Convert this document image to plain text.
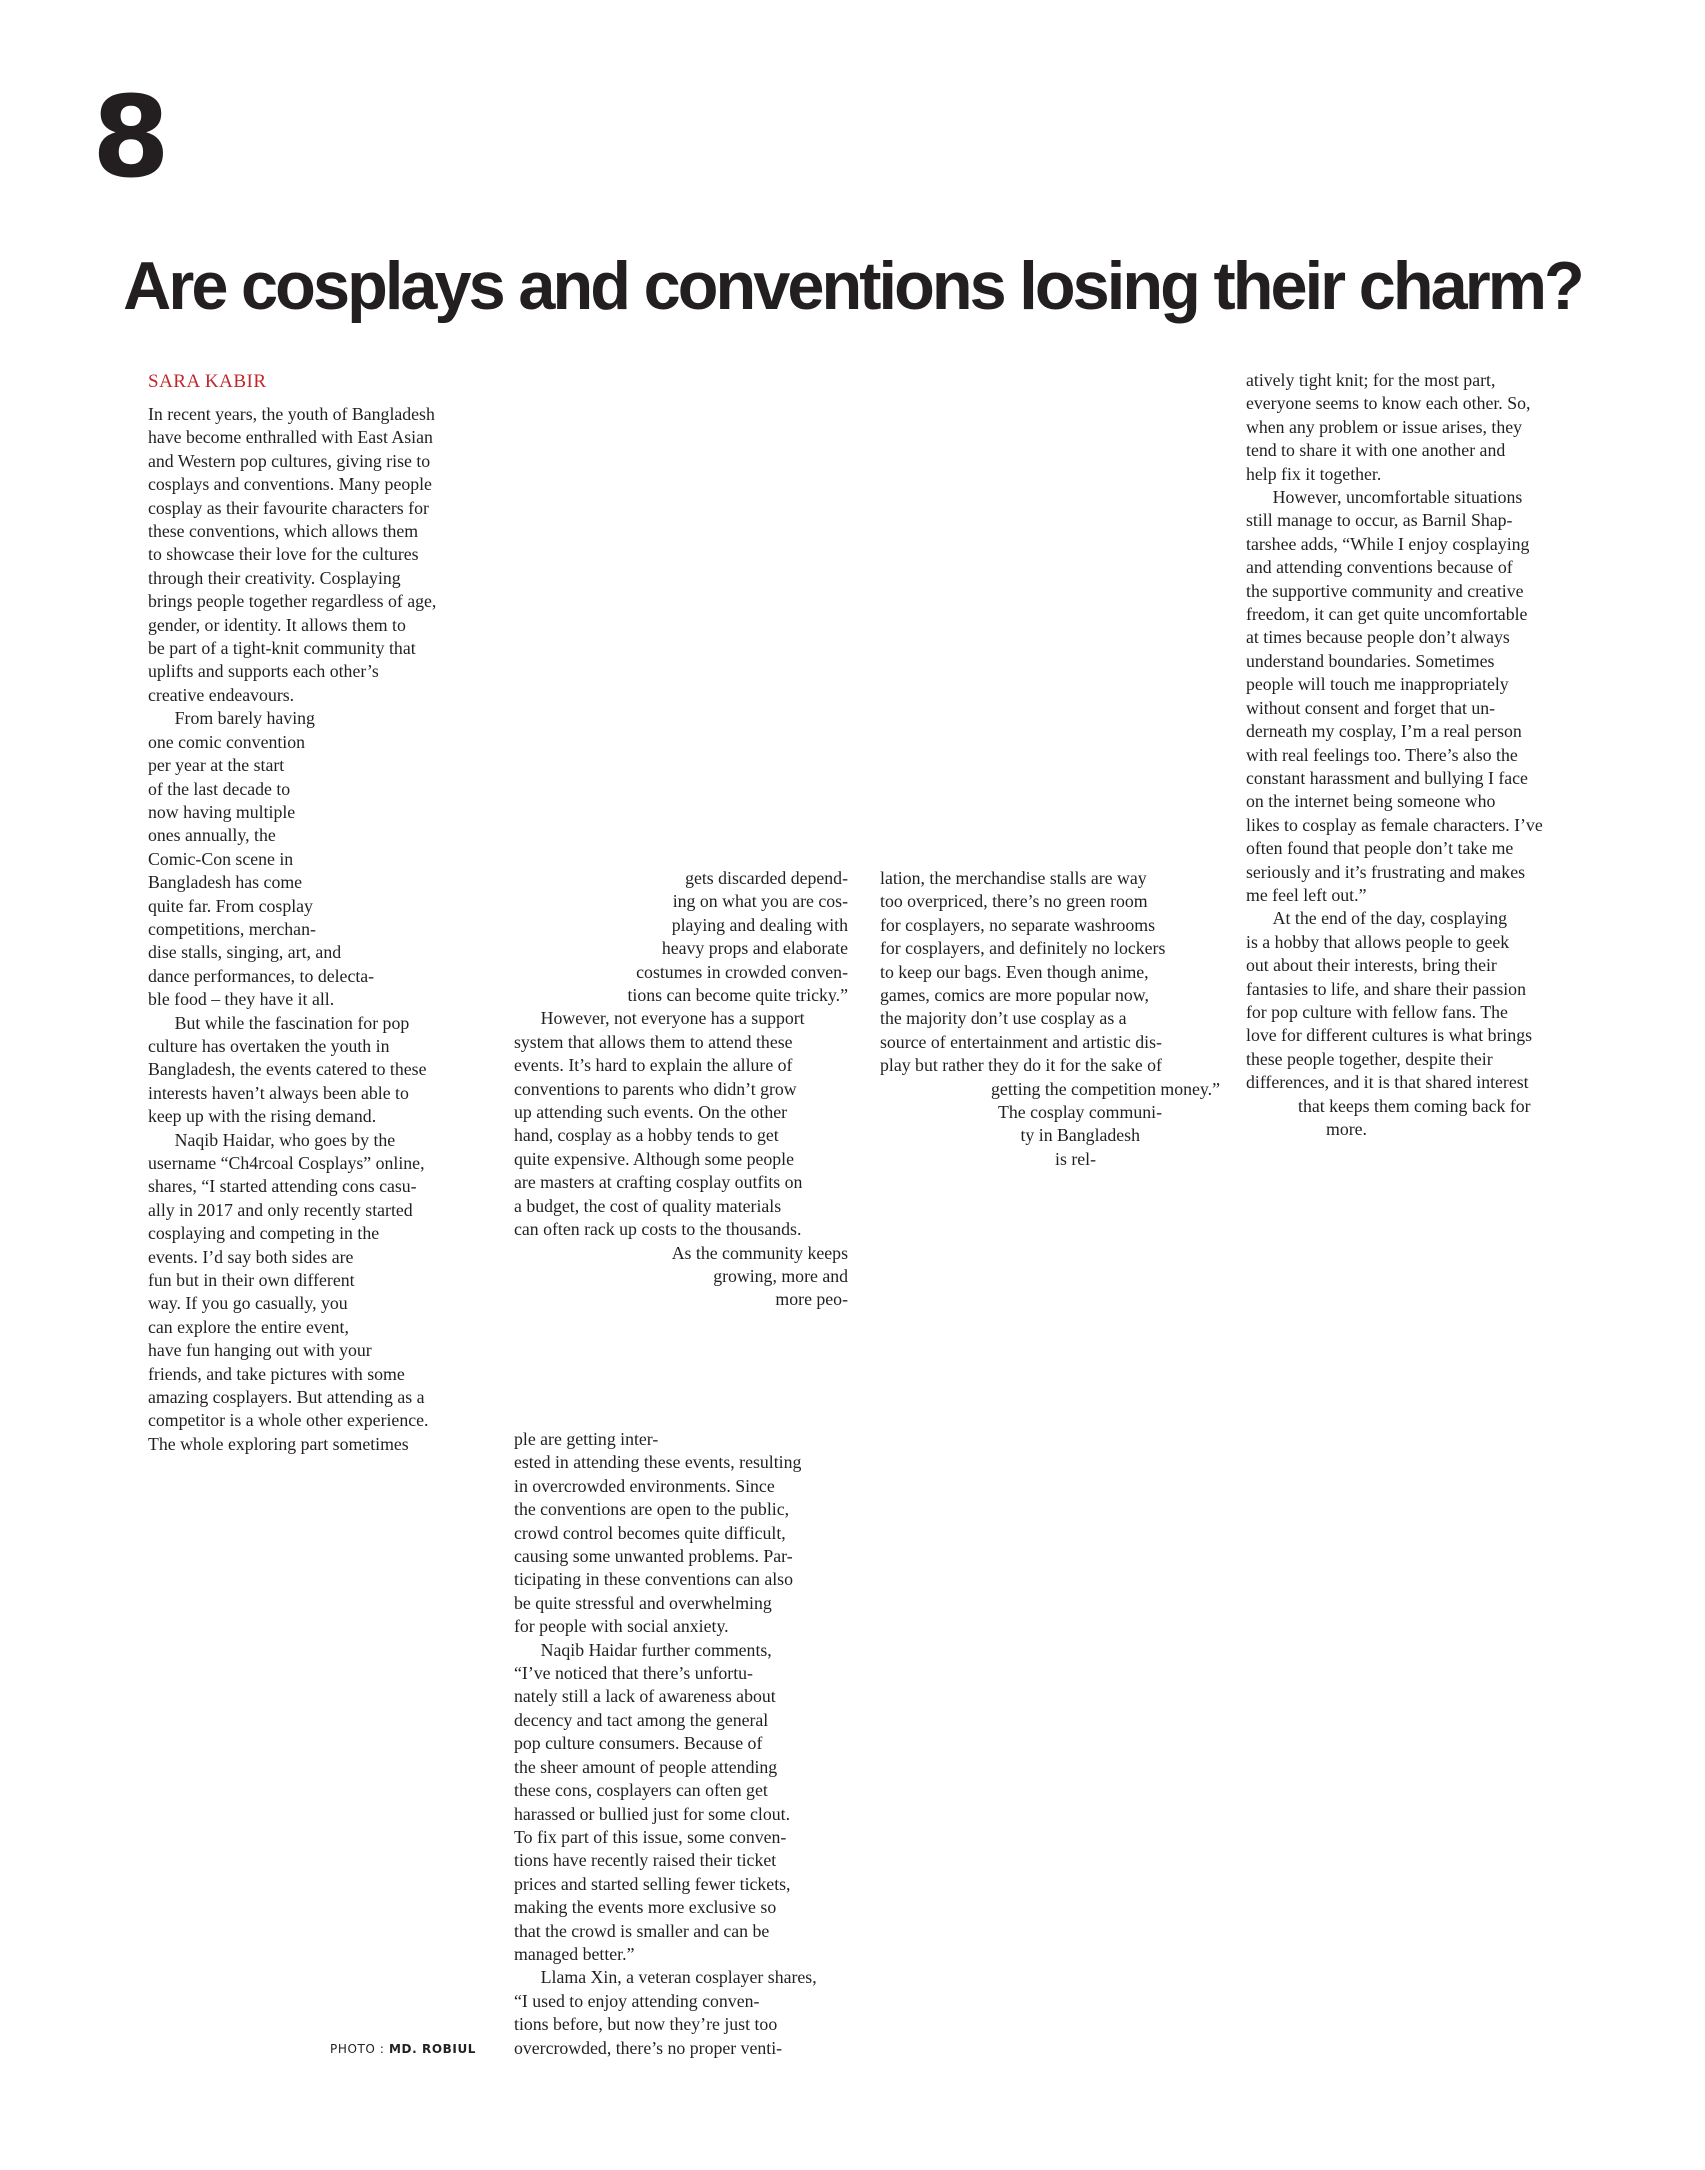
8
Are cosplays and conventions losing their charm?

SARA KABIR

In recent years, the youth of Bangladesh
have become enthralled with East Asian
and Western pop cultures, giving rise to
cosplays and conventions. Many people
cosplay as their favourite characters for
these conventions, which allows them
to showcase their love for the cultures
through their creativity. Cosplaying
brings people together regardless of age,
gender, or identity. It allows them to
be part of a tight-knit community that
uplifts and supports each other’s
creative endeavours.
  From barely having
one comic convention
per year at the start
of the last decade to
now having multiple
ones annually, the
Comic-Con scene in
Bangladesh has come
quite far. From cosplay
competitions, merchan-
dise stalls, singing, art, and
dance performances, to delecta-
ble food – they have it all.
  But while the fascination for pop
culture has overtaken the youth in
Bangladesh, the events catered to these
interests haven’t always been able to
keep up with the rising demand.
  Naqib Haidar, who goes by the
username “Ch4rcoal Cosplays” online,
shares, “I started attending cons casu-
ally in 2017 and only recently started
cosplaying and competing in the
events. I’d say both sides are
fun but in their own different
way. If you go casually, you
can explore the entire event,
have fun hanging out with your
friends, and take pictures with some
amazing cosplayers. But attending as a
competitor is a whole other experience.
The whole exploring part sometimes
gets discarded depend-
ing on what you are cos-
playing and dealing with
heavy props and elaborate
costumes in crowded conven-
tions can become quite tricky.”
  However, not everyone has a support
system that allows them to attend these
events. It’s hard to explain the allure of
conventions to parents who didn’t grow
up attending such events. On the other
hand, cosplay as a hobby tends to get
quite expensive. Although some people
are masters at crafting cosplay outfits on
a budget, the cost of quality materials
can often rack up costs to the thousands.
As the community keeps
growing, more and
more peo-
ple are getting inter-
ested in attending these events, resulting
in overcrowded environments. Since
the conventions are open to the public,
crowd control becomes quite difficult,
causing some unwanted problems. Par-
ticipating in these conventions can also
be quite stressful and overwhelming
for people with social anxiety.
  Naqib Haidar further comments,
“I’ve noticed that there’s unfortu-
nately still a lack of awareness about
decency and tact among the general
pop culture consumers. Because of
the sheer amount of people attending
these cons, cosplayers can often get
harassed or bullied just for some clout.
To fix part of this issue, some conven-
tions have recently raised their ticket
prices and started selling fewer tickets,
making the events more exclusive so
that the crowd is smaller and can be
managed better.”
  Llama Xin, a veteran cosplayer shares,
“I used to enjoy attending conven-
tions before, but now they’re just too
overcrowded, there’s no proper venti-
lation, the merchandise stalls are way
too overpriced, there’s no green room
for cosplayers, no separate washrooms
for cosplayers, and definitely no lockers
to keep our bags. Even though anime,
games, comics are more popular now,
the majority don’t use cosplay as a
source of entertainment and artistic dis-
play but rather they do it for the sake of
getting the competition money.”
The cosplay communi-
ty in Bangladesh
is rel-
atively tight knit; for the most part,
everyone seems to know each other. So,
when any problem or issue arises, they
tend to share it with one another and
help fix it together.
  However, uncomfortable situations
still manage to occur, as Barnil Shap-
tarshee adds, “While I enjoy cosplaying
and attending conventions because of
the supportive community and creative
freedom, it can get quite uncomfortable
at times because people don’t always
understand boundaries. Sometimes
people will touch me inappropriately
without consent and forget that un-
derneath my cosplay, I’m a real person
with real feelings too. There’s also the
constant harassment and bullying I face
on the internet being someone who
likes to cosplay as female characters. I’ve
often found that people don’t take me
seriously and it’s frustrating and makes
me feel left out.”
  At the end of the day, cosplaying
is a hobby that allows people to geek
out about their interests, bring their
fantasies to life, and share their passion
for pop culture with fellow fans. The
love for different cultures is what brings
these people together, despite their
differences, and it is that shared interest
that keeps them coming back for
more.
PHOTO : MD. ROBIUL
